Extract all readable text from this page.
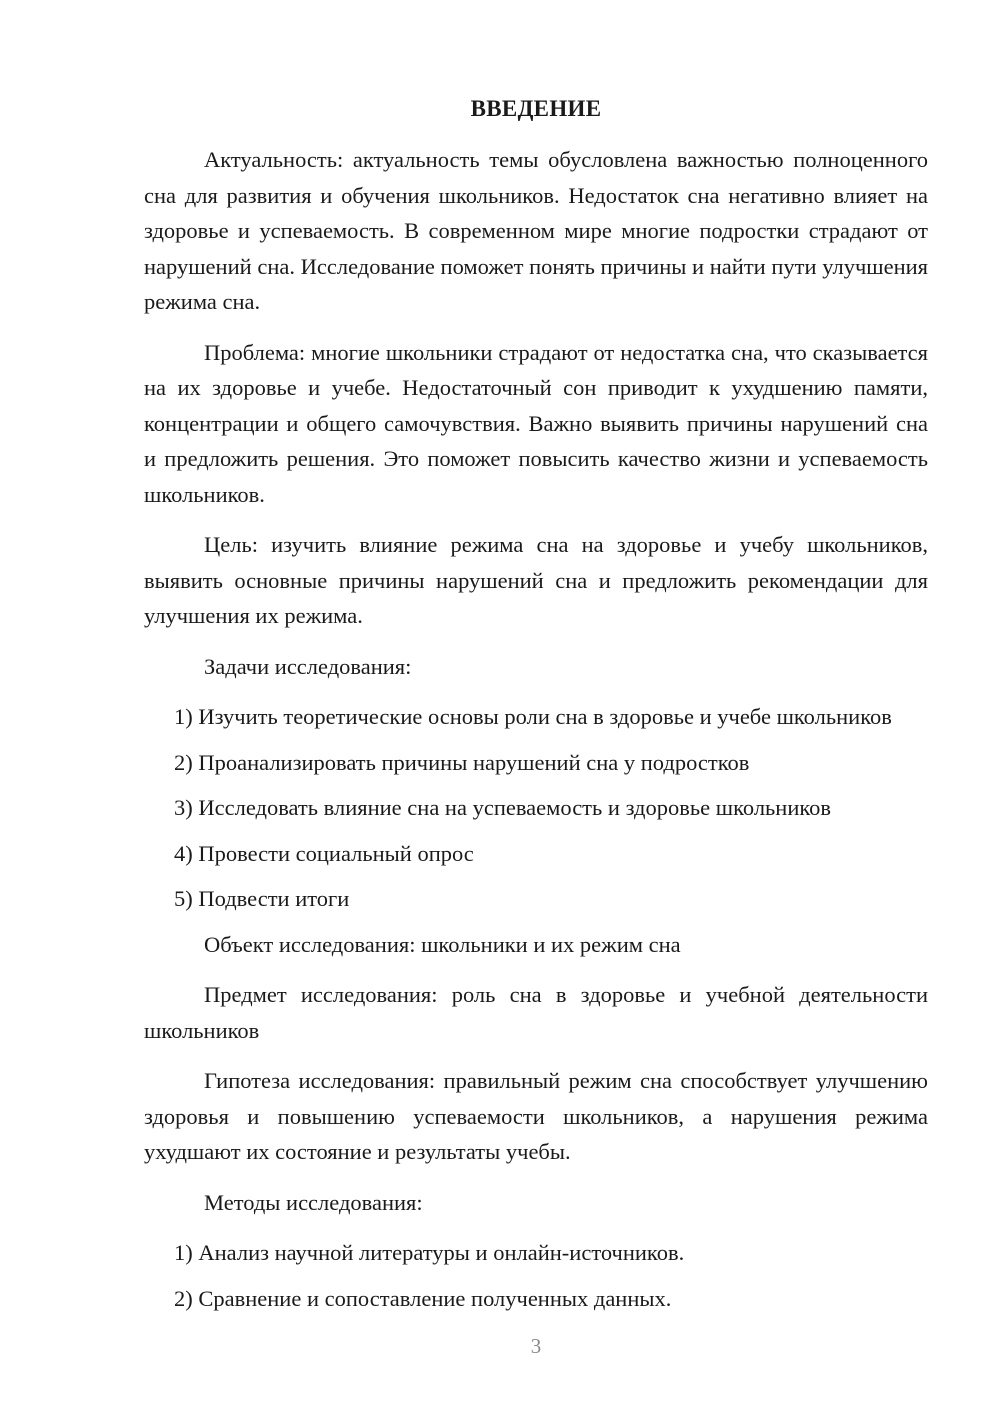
ВВЕДЕНИЕ

Актуальность: актуальность темы обусловлена важностью полноценного сна для развития и обучения школьников. Недостаток сна негативно влияет на здоровье и успеваемость. В современном мире многие подростки страдают от нарушений сна. Исследование поможет понять причины и найти пути улучшения режима сна.

Проблема: многие школьники страдают от недостатка сна, что сказывается на их здоровье и учебе. Недостаточный сон приводит к ухудшению памяти, концентрации и общего самочувствия. Важно выявить причины нарушений сна и предложить решения. Это поможет повысить качество жизни и успеваемость школьников.

Цель: изучить влияние режима сна на здоровье и учебу школьников, выявить основные причины нарушений сна и предложить рекомендации для улучшения их режима.

Задачи исследования:

1) Изучить теоретические основы роли сна в здоровье и учебе школьников

2) Проанализировать причины нарушений сна у подростков

3) Исследовать влияние сна на успеваемость и здоровье школьников

4) Провести социальный опрос

5) Подвести итоги

Объект исследования: школьники и их режим сна

Предмет исследования: роль сна в здоровье и учебной деятельности школьников

Гипотеза исследования: правильный режим сна способствует улучшению здоровья и повышению успеваемости школьников, а нарушения режима ухудшают их состояние и результаты учебы.

Методы исследования:

1) Анализ научной литературы и онлайн-источников.

2) Сравнение и сопоставление полученных данных.

3
